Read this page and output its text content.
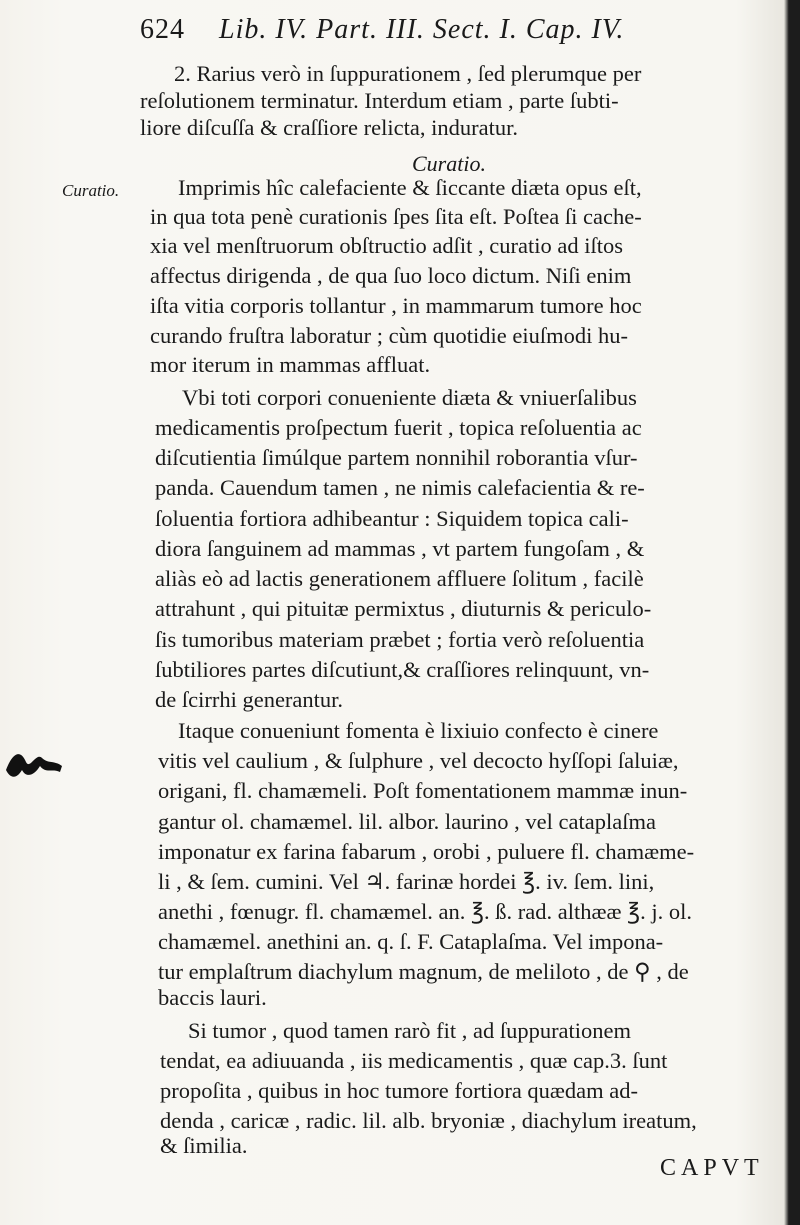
624 Lib. IV. Part. III. Sect. I. Cap. IV.
Curatio.
Curatio.
2. Rarius verò in ſuppurationem , ſed plerumque per
reſolutionem terminatur. Interdum etiam , parte ſubti-
liore diſcuſſa & craſſiore relicta, induratur.
Imprimis hîc calefaciente & ſiccante diæta opus eſt,
in qua tota penè curationis ſpes ſita eſt. Poſtea ſi cache-
xia vel menſtruorum obſtructio adſit , curatio ad iſtos
affectus dirigenda , de qua ſuo loco dictum. Niſi enim
iſta vitia corporis tollantur , in mammarum tumore hoc
curando fruſtra laboratur ; cùm quotidie eiuſmodi hu-
mor iterum in mammas affluat.
Vbi toti corpori conueniente diæta & vniuerſalibus
medicamentis proſpectum fuerit , topica reſoluentia ac
diſcutientia ſimúlque partem nonnihil roborantia vſur-
panda. Cauendum tamen , ne nimis calefacientia & re-
ſoluentia fortiora adhibeantur : Siquidem topica cali-
diora ſanguinem ad mammas , vt partem fungoſam , &
aliàs eò ad lactis generationem affluere ſolitum , facilè
attrahunt , qui pituitæ permixtus , diuturnis & periculo-
ſis tumoribus materiam præbet ; fortia verò reſoluentia
ſubtiliores partes diſcutiunt,& craſſiores relinquunt, vn-
de ſcirrhi generantur.
Itaque conueniunt fomenta è lixiuio confecto è cinere
vitis vel caulium , & ſulphure , vel decocto hyſſopi ſaluiæ,
origani, fl. chamæmeli. Poſt fomentationem mammæ inun-
gantur ol. chamæmel. lil. albor. laurino , vel cataplaſma
imponatur ex farina fabarum , orobi , puluere fl. chamæme-
li , & ſem. cumini. Vel ♃. farinæ hordei ℥. iv. ſem. lini,
anethi , fœnugr. fl. chamæmel. an. ℥. ß. rad. althææ ℥. j. ol.
chamæmel. anethini an. q. ſ. F. Cataplaſma. Vel impona-
tur emplaſtrum diachylum magnum, de meliloto , de ⚲ , de
baccis lauri.
Si tumor , quod tamen rarò fit , ad ſuppurationem
tendat, ea adiuuanda , iis medicamentis , quæ cap.3. ſunt
propoſita , quibus in hoc tumore fortiora quædam ad-
denda , caricæ , radic. lil. alb. bryoniæ , diachylum ireatum,
& ſimilia.
CAPVT
